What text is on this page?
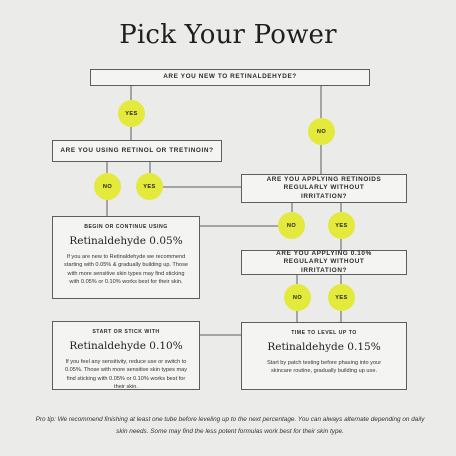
Pick Your Power
ARE YOU NEW TO RETINALDEHYDE?
YES
NO
ARE YOU USING RETINOL OR TRETINOIN?
NO	YES
ARE YOU APPLYING RETINOIDS REGULARLY WITHOUT IRRITATION?
NO	YES
BEGIN OR CONTINUE USING
Retinaldehyde 0.05%
If you are new to Retinaldehyde we recommend starting with 0.05% & gradually building up. Those with more sensitive skin types may find sticking with 0.05% or 0.10% works best for their skin.
ARE YOU APPLYING 0.10% REGULARLY WITHOUT IRRITATION?
NO	YES
START OR STICK WITH
Retinaldehyde 0.10%
If you feel any sensitivity, reduce use or switch to 0.05%. Those with more sensitive skin types may find sticking with 0.05% or 0.10% works best for their skin.
TIME TO LEVEL UP TO
Retinaldehyde 0.15%
Start by patch testing before phasing into your skincare routine, gradually building up use.
Pro tip: We recommend finishing at least one tube before leveling up to the next percentage. You can always alternate depending on daily skin needs. Some may find the less potent formulas work best for their skin type.
